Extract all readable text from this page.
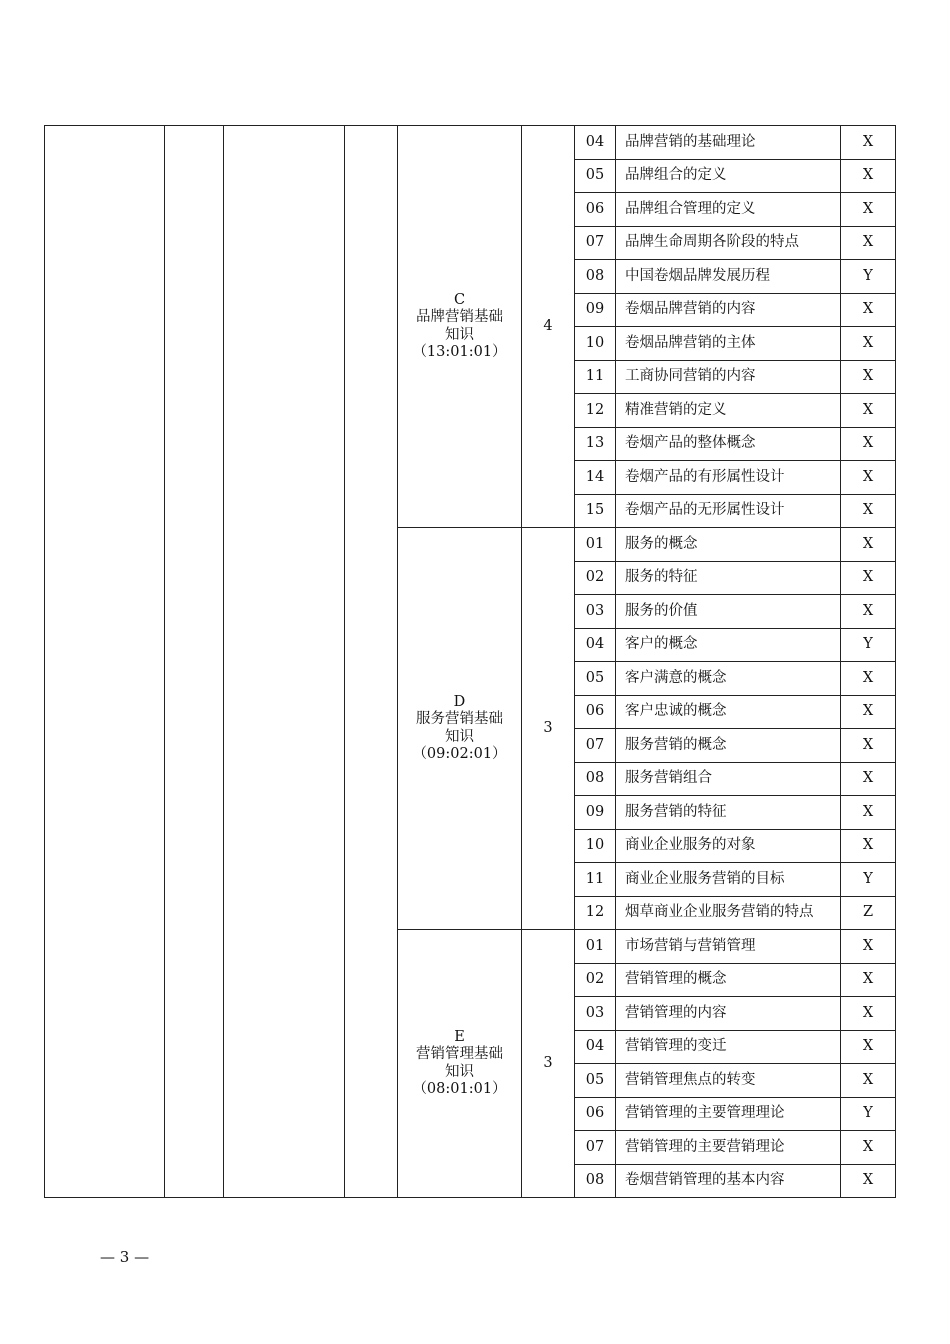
				C
品牌营销基础
知识
（13:01:01）	4	04	品牌营销的基础理论	X
						05	品牌组合的定义	X
						06	品牌组合管理的定义	X
						07	品牌生命周期各阶段的特点	X
						08	中国卷烟品牌发展历程	Y
						09	卷烟品牌营销的内容	X
						10	卷烟品牌营销的主体	X
						11	工商协同营销的内容	X
						12	精准营销的定义	X
						13	卷烟产品的整体概念	X
						14	卷烟产品的有形属性设计	X
						15	卷烟产品的无形属性设计	X

				D
服务营销基础
知识
（09:02:01）	3	01	服务的概念	X
						02	服务的特征	X
						03	服务的价值	X
						04	客户的概念	Y
						05	客户满意的概念	X
						06	客户忠诚的概念	X
						07	服务营销的概念	X
						08	服务营销组合	X
						09	服务营销的特征	X
						10	商业企业服务的对象	X
						11	商业企业服务营销的目标	Y
						12	烟草商业企业服务营销的特点	Z

				E
营销管理基础
知识
（08:01:01）	3	01	市场营销与营销管理	X
						02	营销管理的概念	X
						03	营销管理的内容	X
						04	营销管理的变迁	X
						05	营销管理焦点的转变	X
						06	营销管理的主要管理理论	Y
						07	营销管理的主要营销理论	X
						08	卷烟营销管理的基本内容	X
— 3 —
